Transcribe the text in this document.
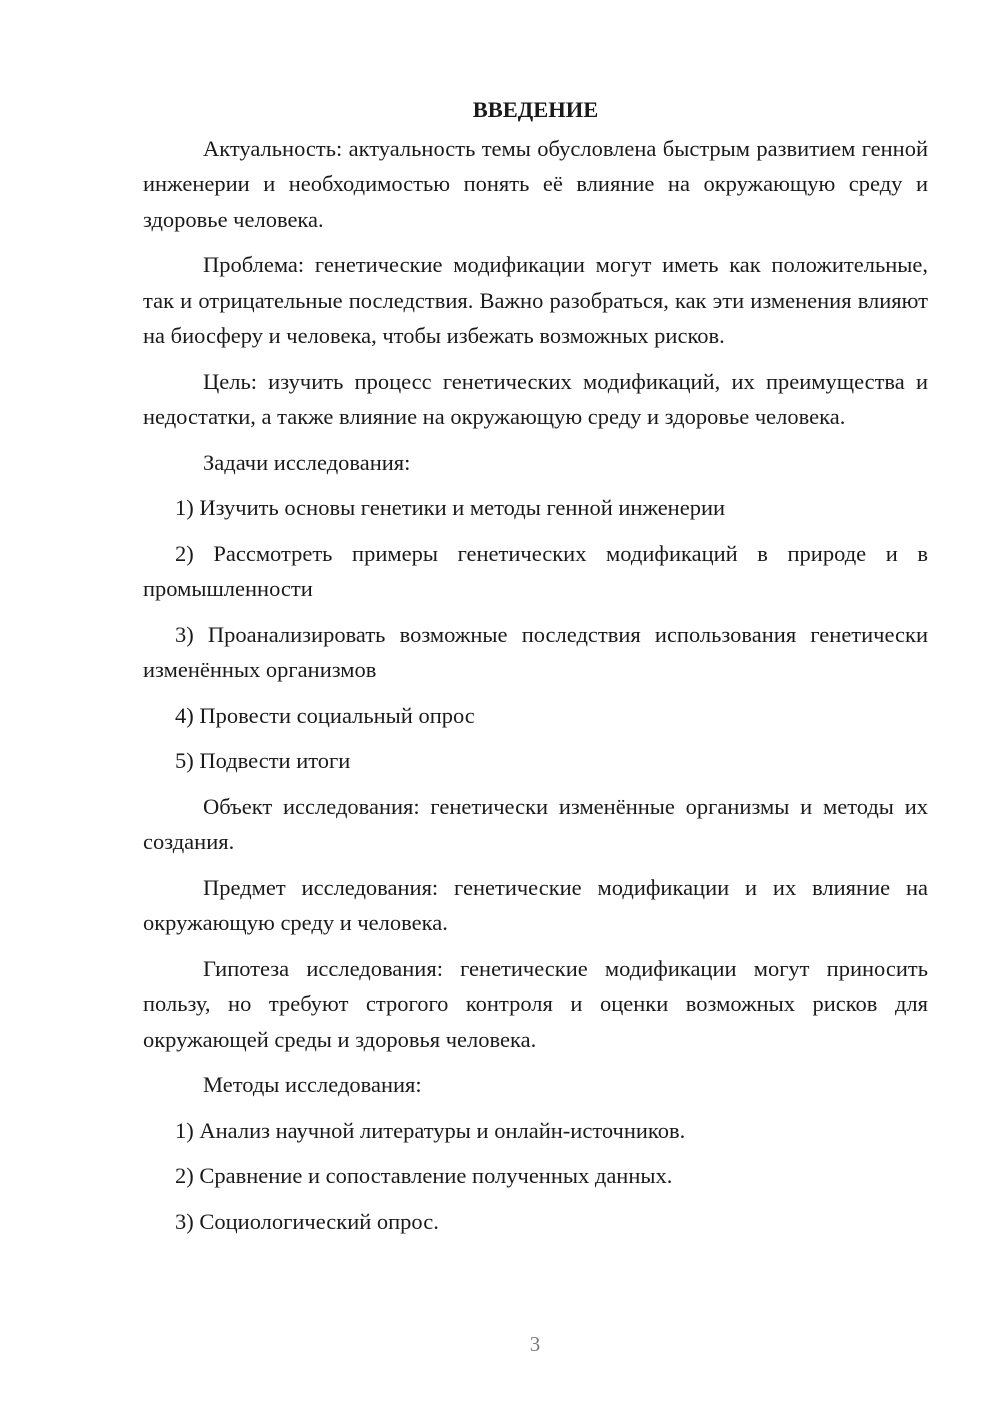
ВВЕДЕНИЕ

Актуальность: актуальность темы обусловлена быстрым развитием генной инженерии и необходимостью понять её влияние на окружающую среду и здоровье человека.

Проблема: генетические модификации могут иметь как положительные, так и отрицательные последствия. Важно разобраться, как эти изменения влияют на биосферу и человека, чтобы избежать возможных рисков.

Цель: изучить процесс генетических модификаций, их преимущества и недостатки, а также влияние на окружающую среду и здоровье человека.

Задачи исследования:

1) Изучить основы генетики и методы генной инженерии

2) Рассмотреть примеры генетических модификаций в природе и в промышленности

3) Проанализировать возможные последствия использования генетически изменённых организмов

4) Провести социальный опрос

5) Подвести итоги

Объект исследования: генетически изменённые организмы и методы их создания.

Предмет исследования: генетические модификации и их влияние на окружающую среду и человека.

Гипотеза исследования: генетические модификации могут приносить пользу, но требуют строгого контроля и оценки возможных рисков для окружающей среды и здоровья человека.

Методы исследования:

1) Анализ научной литературы и онлайн-источников.

2) Сравнение и сопоставление полученных данных.

3) Социологический опрос.

3
